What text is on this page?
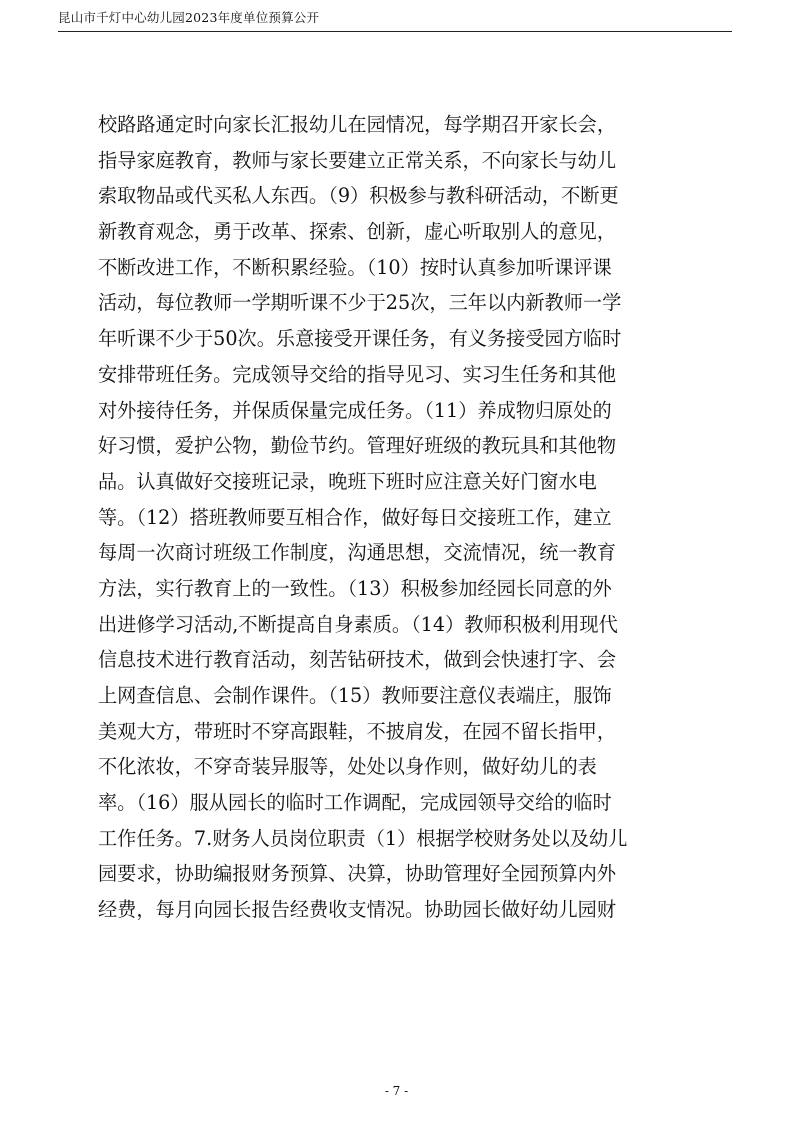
昆山市千灯中心幼儿园2023年度单位预算公开
校路路通定时向家长汇报幼儿在园情况，每学期召开家长会，
指导家庭教育，教师与家长要建立正常关系，不向家长与幼儿
索取物品或代买私人东西。（9）积极参与教科研活动，不断更
新教育观念，勇于改革、探索、创新，虚心听取别人的意见，
不断改进工作，不断积累经验。（10）按时认真参加听课评课
活动，每位教师一学期听课不少于25次，三年以内新教师一学
年听课不少于50次。乐意接受开课任务，有义务接受园方临时
安排带班任务。完成领导交给的指导见习、实习生任务和其他
对外接待任务，并保质保量完成任务。（11）养成物归原处的
好习惯，爱护公物，勤俭节约。管理好班级的教玩具和其他物
品。认真做好交接班记录，晚班下班时应注意关好门窗水电
等。（12）搭班教师要互相合作，做好每日交接班工作，建立
每周一次商讨班级工作制度，沟通思想，交流情况，统一教育
方法，实行教育上的一致性。（13）积极参加经园长同意的外
出进修学习活动,不断提高自身素质。（14）教师积极利用现代
信息技术进行教育活动，刻苦钻研技术，做到会快速打字、会
上网查信息、会制作课件。（15）教师要注意仪表端庄，服饰
美观大方，带班时不穿高跟鞋，不披肩发，在园不留长指甲，
不化浓妆，不穿奇装异服等，处处以身作则，做好幼儿的表
率。（16）服从园长的临时工作调配，完成园领导交给的临时
工作任务。7.财务人员岗位职责（1）根据学校财务处以及幼儿
园要求，协助编报财务预算、决算，协助管理好全园预算内外
经费，每月向园长报告经费收支情况。协助园长做好幼儿园财
- 7 -
